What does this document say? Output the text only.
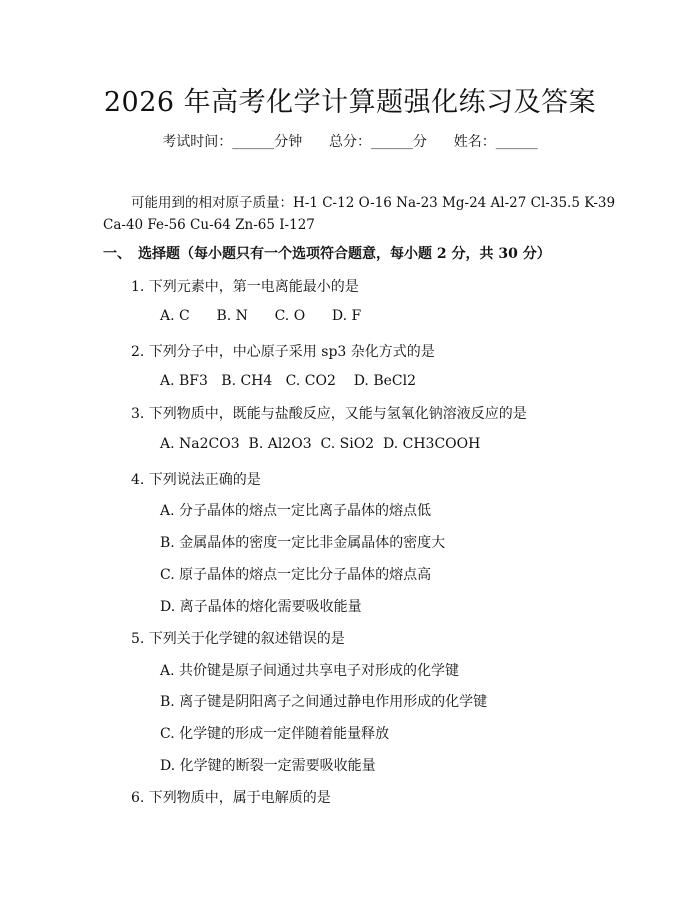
2026 年高考化学计算题强化练习及答案
考试时间：______分钟 总分：______分 姓名：______
可能用到的相对原子质量：H-1 C-12 O-16 Na-23 Mg-24 Al-27 Cl-35.5 K-39
Ca-40 Fe-56 Cu-64 Zn-65 I-127
一、 选择题（每小题只有一个选项符合题意，每小题 2 分，共 30 分）
1. 下列元素中，第一电离能最小的是
A. C B. N C. O D. F
2. 下列分子中，中心原子采用 sp3 杂化方式的是
A. BF3 B. CH4 C. CO2 D. BeCl2
3. 下列物质中，既能与盐酸反应，又能与氢氧化钠溶液反应的是
A. Na2CO3 B. Al2O3 C. SiO2 D. CH3COOH
4. 下列说法正确的是
A. 分子晶体的熔点一定比离子晶体的熔点低
B. 金属晶体的密度一定比非金属晶体的密度大
C. 原子晶体的熔点一定比分子晶体的熔点高
D. 离子晶体的熔化需要吸收能量
5. 下列关于化学键的叙述错误的是
A. 共价键是原子间通过共享电子对形成的化学键
B. 离子键是阴阳离子之间通过静电作用形成的化学键
C. 化学键的形成一定伴随着能量释放
D. 化学键的断裂一定需要吸收能量
6. 下列物质中，属于电解质的是
